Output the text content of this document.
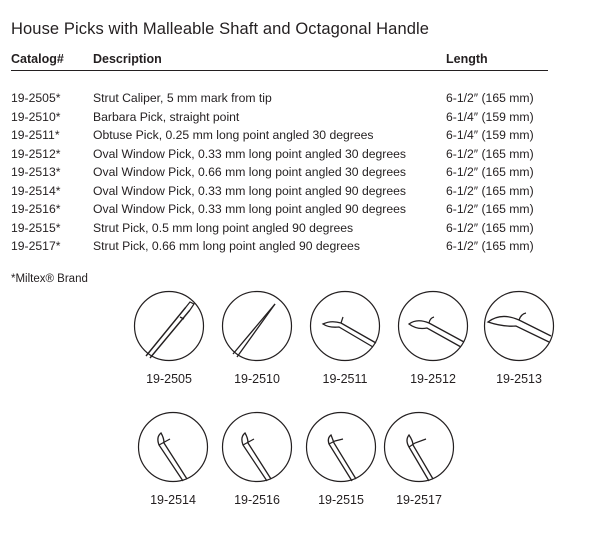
House Picks with Malleable Shaft and Octagonal Handle
Catalog# Description	Length
19-2505*	Strut Caliper, 5 mm mark from tip	6-1/2″ (165 mm)
19-2510*	Barbara Pick, straight point	6-1/4″ (159 mm)
19-2511*	Obtuse Pick, 0.25 mm long point angled 30 degrees	6-1/4″ (159 mm)
19-2512*	Oval Window Pick, 0.33 mm long point angled 30 degrees	6-1/2″ (165 mm)
19-2513*	Oval Window Pick, 0.66 mm long point angled 30 degrees	6-1/2″ (165 mm)
19-2514*	Oval Window Pick, 0.33 mm long point angled 90 degrees	6-1/2″ (165 mm)
19-2516*	Oval Window Pick, 0.33 mm long point angled 90 degrees	6-1/2″ (165 mm)
19-2515*	Strut Pick, 0.5 mm long point angled 90 degrees	6-1/2″ (165 mm)
19-2517*	Strut Pick, 0.66 mm long point angled 90 degrees	6-1/2″ (165 mm)
*Miltex® Brand
19-2505	19-2510	19-2511	19-2512	19-2513
19-2514	19-2516	19-2515	19-2517
